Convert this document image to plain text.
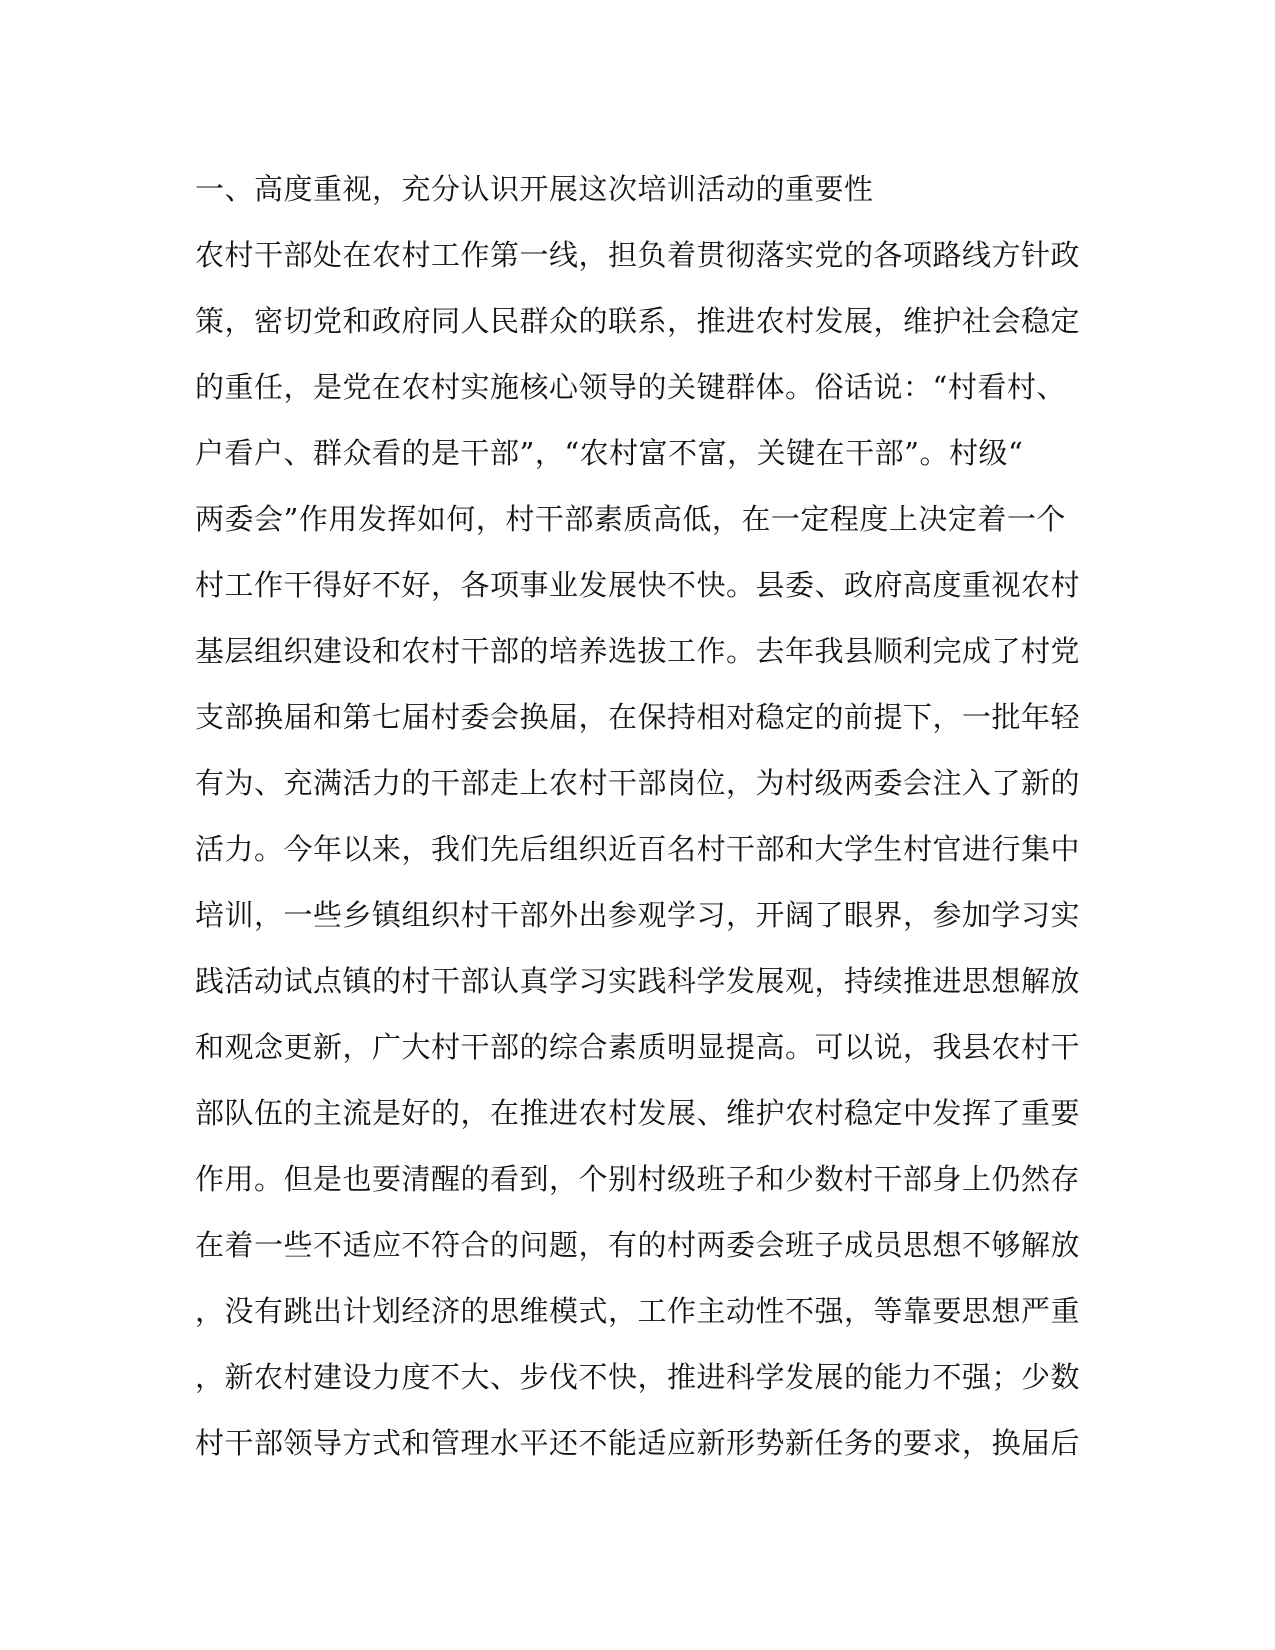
一、高度重视，充分认识开展这次培训活动的重要性
农村干部处在农村工作第一线，担负着贯彻落实党的各项路线方针政
策，密切党和政府同人民群众的联系，推进农村发展，维护社会稳定
的重任，是党在农村实施核心领导的关键群体。俗话说：“村看村、
户看户、群众看的是干部”，“农村富不富，关键在干部”。村级“
两委会”作用发挥如何，村干部素质高低，在一定程度上决定着一个
村工作干得好不好，各项事业发展快不快。县委、政府高度重视农村
基层组织建设和农村干部的培养选拔工作。去年我县顺利完成了村党
支部换届和第七届村委会换届，在保持相对稳定的前提下，一批年轻
有为、充满活力的干部走上农村干部岗位，为村级两委会注入了新的
活力。今年以来，我们先后组织近百名村干部和大学生村官进行集中
培训，一些乡镇组织村干部外出参观学习，开阔了眼界，参加学习实
践活动试点镇的村干部认真学习实践科学发展观，持续推进思想解放
和观念更新，广大村干部的综合素质明显提高。可以说，我县农村干
部队伍的主流是好的，在推进农村发展、维护农村稳定中发挥了重要
作用。但是也要清醒的看到，个别村级班子和少数村干部身上仍然存
在着一些不适应不符合的问题，有的村两委会班子成员思想不够解放
，没有跳出计划经济的思维模式，工作主动性不强，等靠要思想严重
，新农村建设力度不大、步伐不快，推进科学发展的能力不强；少数
村干部领导方式和管理水平还不能适应新形势新任务的要求，换届后
